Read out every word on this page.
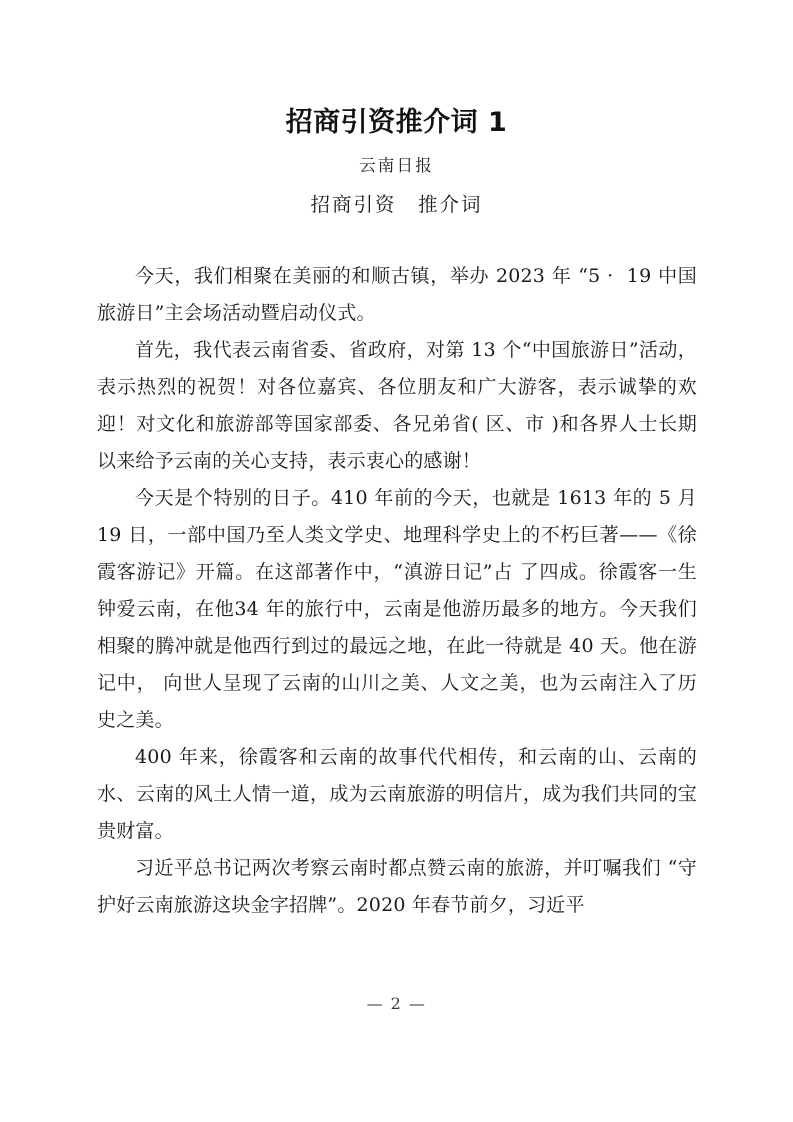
招商引资推介词 1
云南日报
招商引资　推介词

今天，我们相聚在美丽的和顺古镇，举办 2023 年 “5 ·  19 中国旅游日”主会场活动暨启动仪式。

首先，我代表云南省委、省政府，对第 13 个“中国旅游日”活动，表示热烈的祝贺！对各位嘉宾、各位朋友和广大游客，表示诚挚的欢迎！对文化和旅游部等国家部委、各兄弟省( 区、市 )和各界人士长期以来给予云南的关心支持，表示衷心的感谢！

今天是个特别的日子。410 年前的今天，也就是 1613 年的 5 月 19 日，一部中国乃至人类文学史、地理科学史上的不朽巨著——《徐霞客游记》开篇。在这部著作中，“滇游日记”占 了四成。徐霞客一生钟爱云南，在他34 年的旅行中，云南是他游历最多的地方。今天我们相聚的腾冲就是他西行到过的最远之地，在此一待就是 40 天。他在游记中， 向世人呈现了云南的山川之美、人文之美，也为云南注入了历史之美。

400 年来，徐霞客和云南的故事代代相传，和云南的山、云南的水、云南的风土人情一道，成为云南旅游的明信片，成为我们共同的宝贵财富。

习近平总书记两次考察云南时都点赞云南的旅游，并叮嘱我们 “守护好云南旅游这块金字招牌”。2020 年春节前夕，习近平

— 2 —
